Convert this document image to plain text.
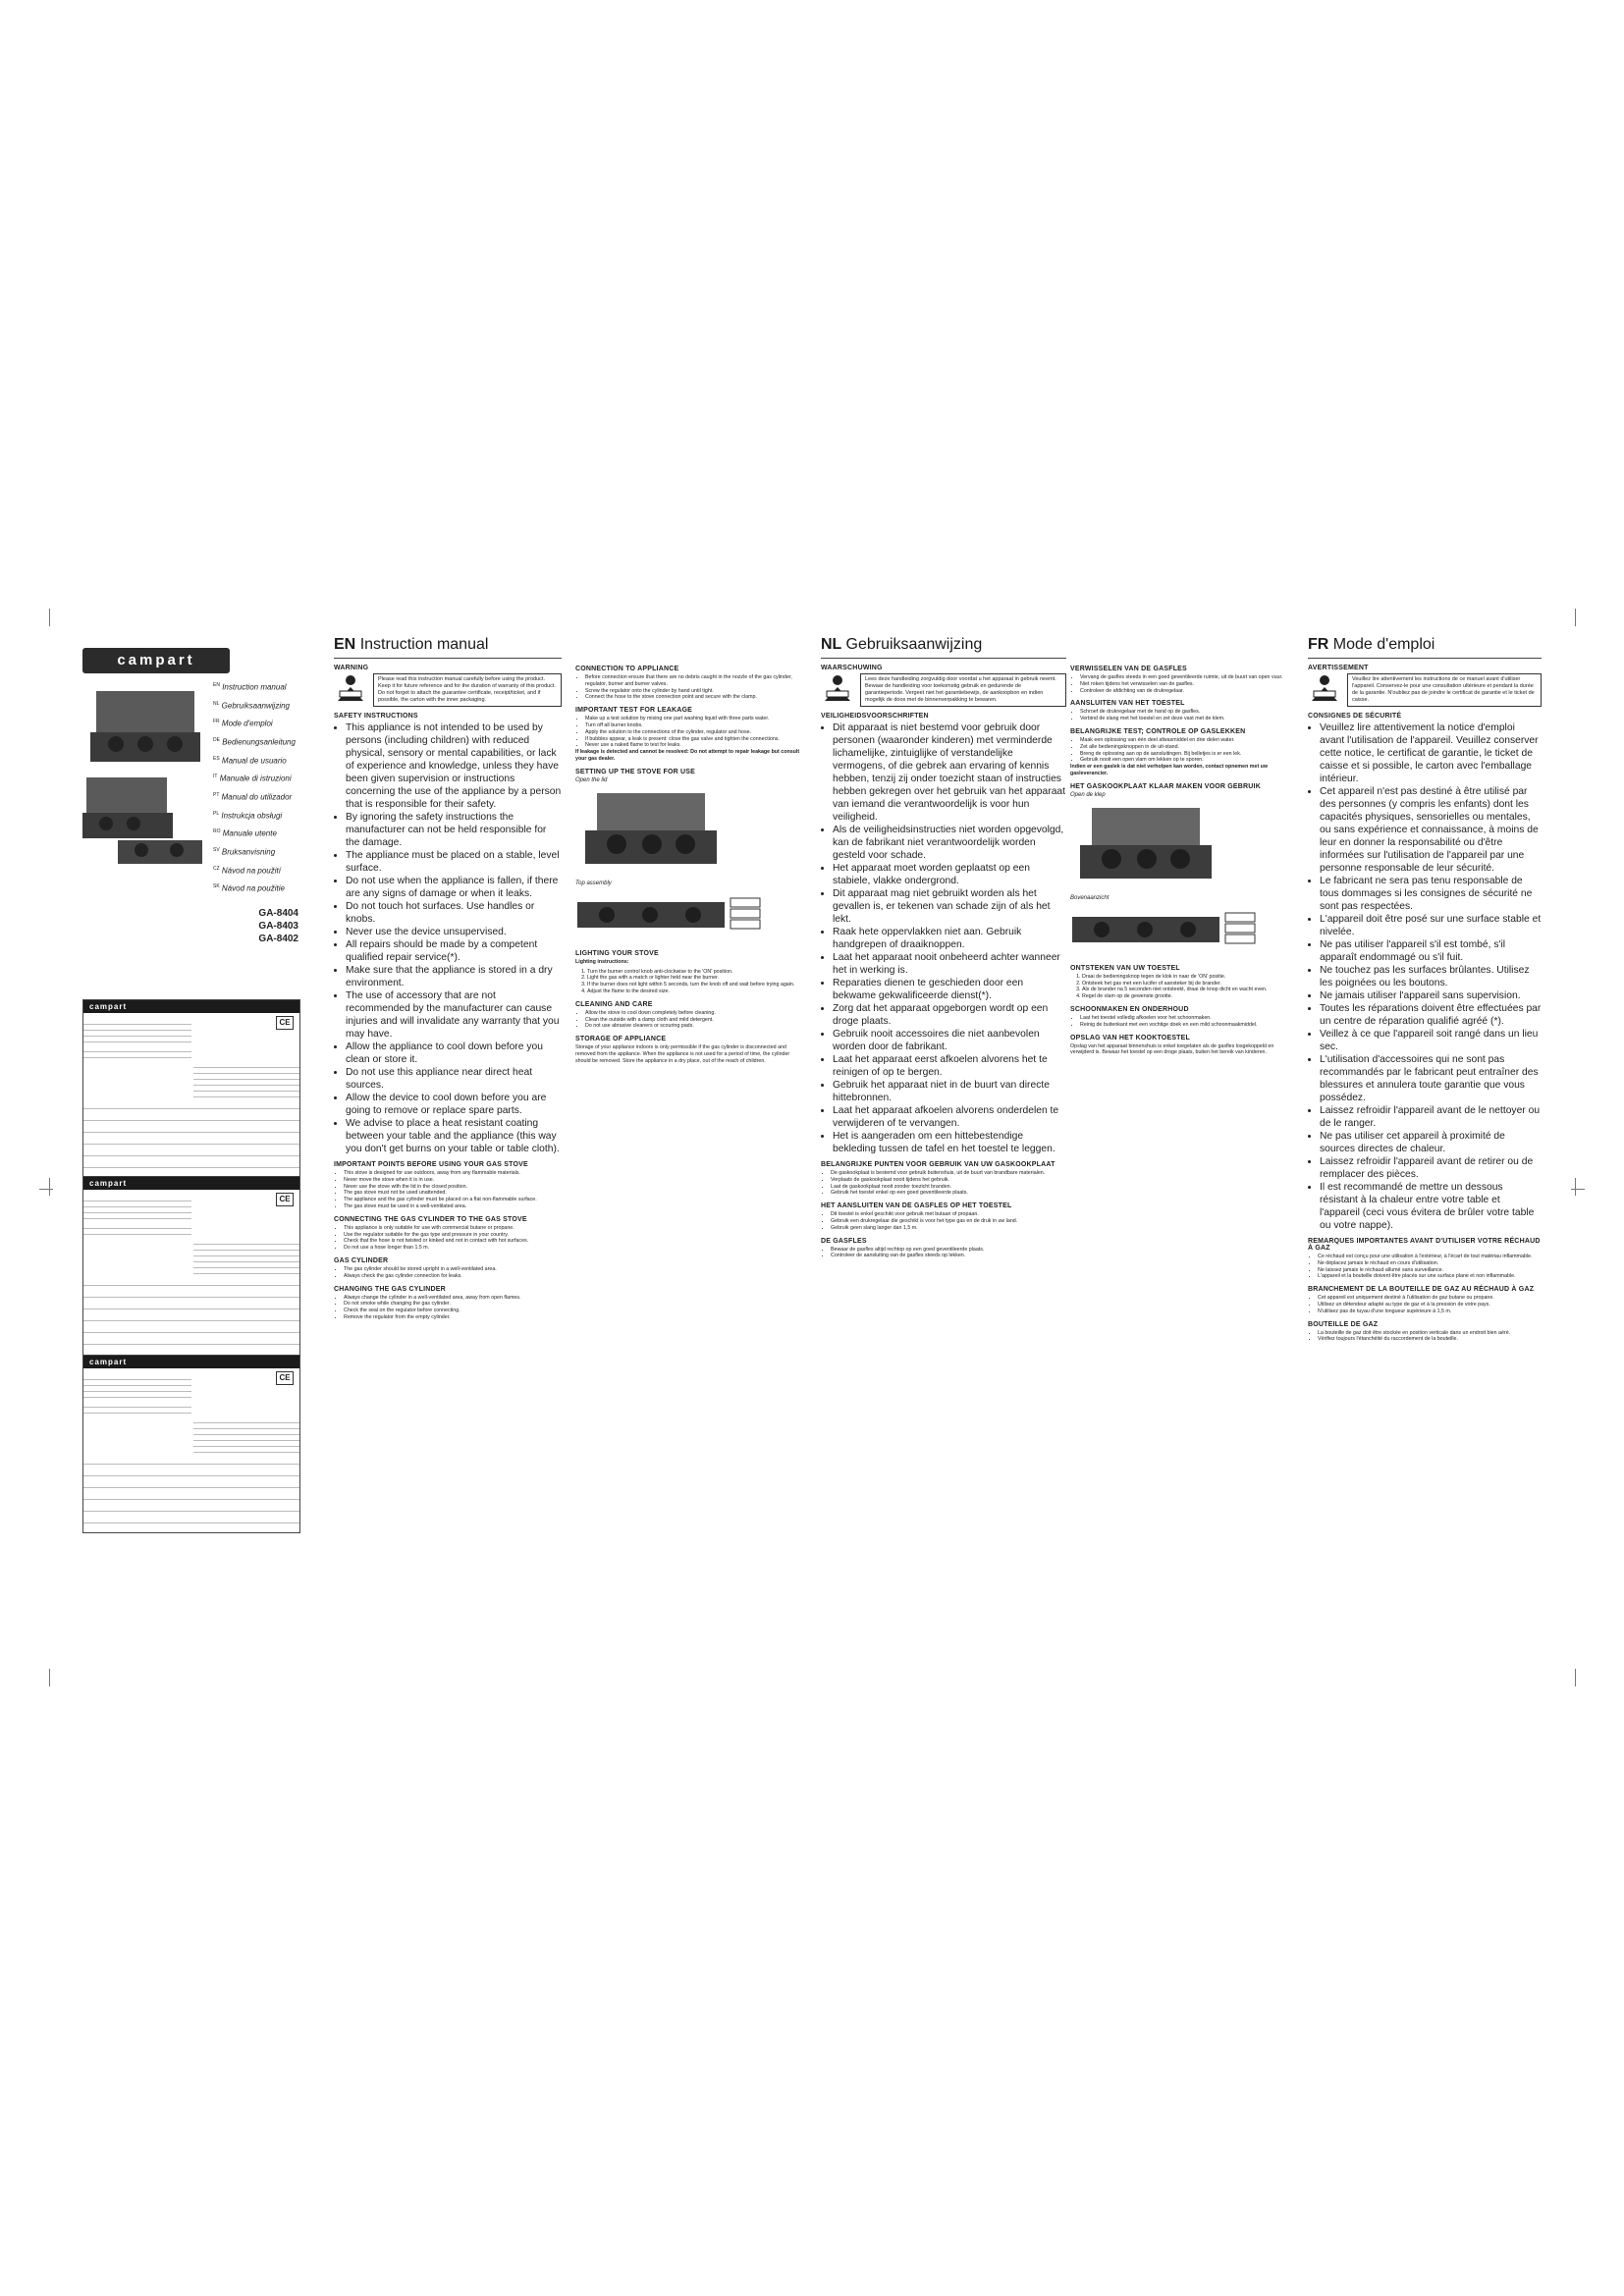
campart
$^{EN}$ Instruction manual
$^{NL}$ Gebruiksaanwijzing
$^{FR}$ Mode d'emploi
$^{DE}$ Bedienungsanleitung
$^{ES}$ Manual de usuario
$^{IT}$ Manuale di istruzioni
$^{PT}$ Manual do utilizador
$^{PL}$ Instrukcja obsługi
$^{RO}$ Manuale utente
$^{SV}$ Bruksanvisning
$^{CZ}$ Návod na použití
$^{SK}$ Návod na použitie
GA-8404
GA-8403
GA-8402
campart
CE
campart
CE
campart
CE
EN Instruction manual
WARNING
Please read this instruction manual carefully before using the product. Keep it for future reference and for the duration of warranty of this product. Do not forget to attach the guarantee certificate, receipt/ticket, and if possible, the carton with the inner packaging.
SAFETY INSTRUCTIONS
• This appliance is not intended to be used by persons (including children) with reduced physical, sensory or mental capabilities, or lack of experience and knowledge, unless they have been given supervision or instructions concerning the use of the appliance by a person that is responsible for their safety.
• By ignoring the safety instructions the manufacturer can not be held responsible for the damage.
• The appliance must be placed on a stable, level surface.
• Do not use when the appliance is fallen, if there are any signs of damage or when it leaks.
• Do not touch hot surfaces. Use handles or knobs.
• Never use the device unsupervised.
• All repairs should be made by a competent qualified repair service(*).
• Make sure that the appliance is stored in a dry environment.
• The use of accessory that are not recommended by the manufacturer can cause injuries and will invalidate any warranty that you may have.
• Allow the appliance to cool down before you clean or store it.
• Do not use this appliance near direct heat sources.
• Allow the device to cool down before you are going to remove or replace spare parts.
• We advise to place a heat resistant coating between your table and the appliance (this way you don't get burns on your table or table cloth).
IMPORTANT POINTS BEFORE USING YOUR GAS STOVE
• This stove is designed for use outdoors, away from any flammable materials.
• Never move the stove when it is in use.
• Never use the stove with the lid in the closed position.
• The gas stove must not be used unattended.
• The appliance and the gas cylinder must be placed on a flat non-flammable surface.
• The gas stove must be used in a well-ventilated area.
CONNECTING THE GAS CYLINDER TO THE GAS STOVE
• This appliance is only suitable for use with commercial butane or propane.
• Use the regulator suitable for the gas type and pressure in your country.
• Check that the hose is not twisted or kinked and not in contact with hot surfaces.
• Do not use a hose longer than 1.5 m.
GAS CYLINDER
• The gas cylinder should be stored upright in a well-ventilated area.
• Always check the gas cylinder connection for leaks.
CHANGING THE GAS CYLINDER
• Always change the cylinder in a well-ventilated area, away from open flames.
• Do not smoke while changing the gas cylinder.
• Check the seal on the regulator before connecting.
• Remove the regulator from the empty cylinder.
CONNECTION TO APPLIANCE
• Before connection ensure that there are no debris caught in the nozzle of the gas cylinder, regulator, burner and burner valves.
• Screw the regulator onto the cylinder by hand until tight.
• Connect the hose to the stove connection point and secure with the clamp.
IMPORTANT TEST FOR LEAKAGE
• Make up a test solution by mixing one part washing liquid with three parts water.
• Turn off all burner knobs.
• Apply the solution to the connections of the cylinder, regulator and hose.
• If bubbles appear, a leak is present: close the gas valve and tighten the connections.
• Never use a naked flame to test for leaks.

If leakage is detected and cannot be resolved: Do not attempt to repair leakage but consult your gas dealer.

SETTING UP THE STOVE FOR USE
Open the lid
Top assembly
LIGHTING YOUR STOVE

Lighting instructions:

1. Turn the burner control knob anti-clockwise to the 'ON' position.
2. Light the gas with a match or lighter held near the burner.
3. If the burner does not light within 5 seconds, turn the knob off and wait before trying again.
4. Adjust the flame to the desired size.
CLEANING AND CARE
• Allow the stove to cool down completely before cleaning.
• Clean the outside with a damp cloth and mild detergent.
• Do not use abrasive cleaners or scouring pads.
STORAGE OF APPLIANCE

Storage of your appliance indoors is only permissible if the gas cylinder is disconnected and removed from the appliance. When the appliance is not used for a period of time, the cylinder should be removed. Store the appliance in a dry place, out of the reach of children.

NL Gebruiksaanwijzing
WAARSCHUWING
Lees deze handleiding zorgvuldig door voordat u het apparaat in gebruik neemt. Bewaar de handleiding voor toekomstig gebruik en gedurende de garantieperiode. Vergeet niet het garantiebewijs, de aankoopbon en indien mogelijk de doos met de binnenverpakking te bewaren.
VEILIGHEIDSVOORSCHRIFTEN
• Dit apparaat is niet bestemd voor gebruik door personen (waaronder kinderen) met verminderde lichamelijke, zintuiglijke of verstandelijke vermogens, of die gebrek aan ervaring of kennis hebben, tenzij zij onder toezicht staan of instructies hebben gekregen over het gebruik van het apparaat van iemand die verantwoordelijk is voor hun veiligheid.
• Als de veiligheidsinstructies niet worden opgevolgd, kan de fabrikant niet verantwoordelijk worden gesteld voor schade.
• Het apparaat moet worden geplaatst op een stabiele, vlakke ondergrond.
• Dit apparaat mag niet gebruikt worden als het gevallen is, er tekenen van schade zijn of als het lekt.
• Raak hete oppervlakken niet aan. Gebruik handgrepen of draaiknoppen.
• Laat het apparaat nooit onbeheerd achter wanneer het in werking is.
• Reparaties dienen te geschieden door een bekwame gekwalificeerde dienst(*).
• Zorg dat het apparaat opgeborgen wordt op een droge plaats.
• Gebruik nooit accessoires die niet aanbevolen worden door de fabrikant.
• Laat het apparaat eerst afkoelen alvorens het te reinigen of op te bergen.
• Gebruik het apparaat niet in de buurt van directe hittebronnen.
• Laat het apparaat afkoelen alvorens onderdelen te verwijderen of te vervangen.
• Het is aangeraden om een hittebestendige bekleding tussen de tafel en het toestel te leggen.
BELANGRIJKE PUNTEN VOOR GEBRUIK VAN UW GASKOOKPLAAT
• De gaskookplaat is bestemd voor gebruik buitenshuis, uit de buurt van brandbare materialen.
• Verplaats de gaskookplaat nooit tijdens het gebruik.
• Laat de gaskookplaat nooit zonder toezicht branden.
• Gebruik het toestel enkel op een goed geventileerde plaats.
HET AANSLUITEN VAN DE GASFLES OP HET TOESTEL
• Dit toestel is enkel geschikt voor gebruik met butaan of propaan.
• Gebruik een drukregelaar die geschikt is voor het type gas en de druk in uw land.
• Gebruik geen slang langer dan 1,5 m.
DE GASFLES
• Bewaar de gasfles altijd rechtop op een goed geventileerde plaats.
• Controleer de aansluiting van de gasfles steeds op lekken.
VERWISSELEN VAN DE GASFLES
• Vervang de gasfles steeds in een goed geventileerde ruimte, uit de buurt van open vuur.
• Niet roken tijdens het verwisselen van de gasfles.
• Controleer de afdichting van de drukregelaar.
AANSLUITEN VAN HET TOESTEL
• Schroef de drukregelaar met de hand op de gasfles.
• Verbind de slang met het toestel en zet deze vast met de klem.
BELANGRIJKE TEST; CONTROLE OP GASLEKKEN
• Maak een oplossing van één deel afwasmiddel en drie delen water.
• Zet alle bedieningsknoppen in de uit-stand.
• Breng de oplossing aan op de aansluitingen. Bij belletjes is er een lek.
• Gebruik nooit een open vlam om lekken op te sporen.

Indien er een gaslek is dat niet verholpen kan worden, contact opnemen met uw gasleverancier.

HET GASKOOKPLAAT KLAAR MAKEN VOOR GEBRUIK
Open de klep
Bovenaanzicht
ONTSTEKEN VAN UW TOESTEL
1. Draai de bedieningsknop tegen de klok in naar de 'ON' positie.
2. Ontsteek het gas met een lucifer of aansteker bij de brander.
3. Als de brander na 5 seconden niet ontsteekt, draai de knop dicht en wacht even.
4. Regel de vlam op de gewenste grootte.
SCHOONMAKEN EN ONDERHOUD
• Laat het toestel volledig afkoelen voor het schoonmaken.
• Reinig de buitenkant met een vochtige doek en een mild schoonmaakmiddel.
OPSLAG VAN HET KOOKTOESTEL

Opslag van het apparaat binnenshuis is enkel toegelaten als de gasfles losgekoppeld en verwijderd is. Bewaar het toestel op een droge plaats, buiten het bereik van kinderen.

FR Mode d'emploi
AVERTISSEMENT
Veuillez lire attentivement les instructions de ce manuel avant d'utiliser l'appareil. Conservez-le pour une consultation ultérieure et pendant la durée de la garantie. N'oubliez pas de joindre le certificat de garantie et le ticket de caisse.
CONSIGNES DE SÉCURITÉ
• Veuillez lire attentivement la notice d'emploi avant l'utilisation de l'appareil. Veuillez conserver cette notice, le certificat de garantie, le ticket de caisse et si possible, le carton avec l'emballage intérieur.
• Cet appareil n'est pas destiné à être utilisé par des personnes (y compris les enfants) dont les capacités physiques, sensorielles ou mentales, ou sans expérience et connaissance, à moins de leur en donner la responsabilité ou d'être informées sur l'utilisation de l'appareil par une personne responsable de leur sécurité.
• Le fabricant ne sera pas tenu responsable de tous dommages si les consignes de sécurité ne sont pas respectées.
• L'appareil doit être posé sur une surface stable et nivelée.
• Ne pas utiliser l'appareil s'il est tombé, s'il apparaît endommagé ou s'il fuit.
• Ne touchez pas les surfaces brûlantes. Utilisez les poignées ou les boutons.
• Ne jamais utiliser l'appareil sans supervision.
• Toutes les réparations doivent être effectuées par un centre de réparation qualifié agréé (*).
• Veillez à ce que l'appareil soit rangé dans un lieu sec.
• L'utilisation d'accessoires qui ne sont pas recommandés par le fabricant peut entraîner des blessures et annulera toute garantie que vous possédez.
• Laissez refroidir l'appareil avant de le nettoyer ou de le ranger.
• Ne pas utiliser cet appareil à proximité de sources directes de chaleur.
• Laissez refroidir l'appareil avant de retirer ou de remplacer des pièces.
• Il est recommandé de mettre un dessous résistant à la chaleur entre votre table et l'appareil (ceci vous évitera de brûler votre table ou votre nappe).
REMARQUES IMPORTANTES AVANT D'UTILISER VOTRE RÉCHAUD À GAZ
• Ce réchaud est conçu pour une utilisation à l'extérieur, à l'écart de tout matériau inflammable.
• Ne déplacez jamais le réchaud en cours d'utilisation.
• Ne laissez jamais le réchaud allumé sans surveillance.
• L'appareil et la bouteille doivent être placés sur une surface plane et non inflammable.
BRANCHEMENT DE LA BOUTEILLE DE GAZ AU RÉCHAUD À GAZ
• Cet appareil est uniquement destiné à l'utilisation de gaz butane ou propane.
• Utilisez un détendeur adapté au type de gaz et à la pression de votre pays.
• N'utilisez pas de tuyau d'une longueur supérieure à 1,5 m.
BOUTEILLE DE GAZ
• La bouteille de gaz doit être stockée en position verticale dans un endroit bien aéré.
• Vérifiez toujours l'étanchéité du raccordement de la bouteille.
